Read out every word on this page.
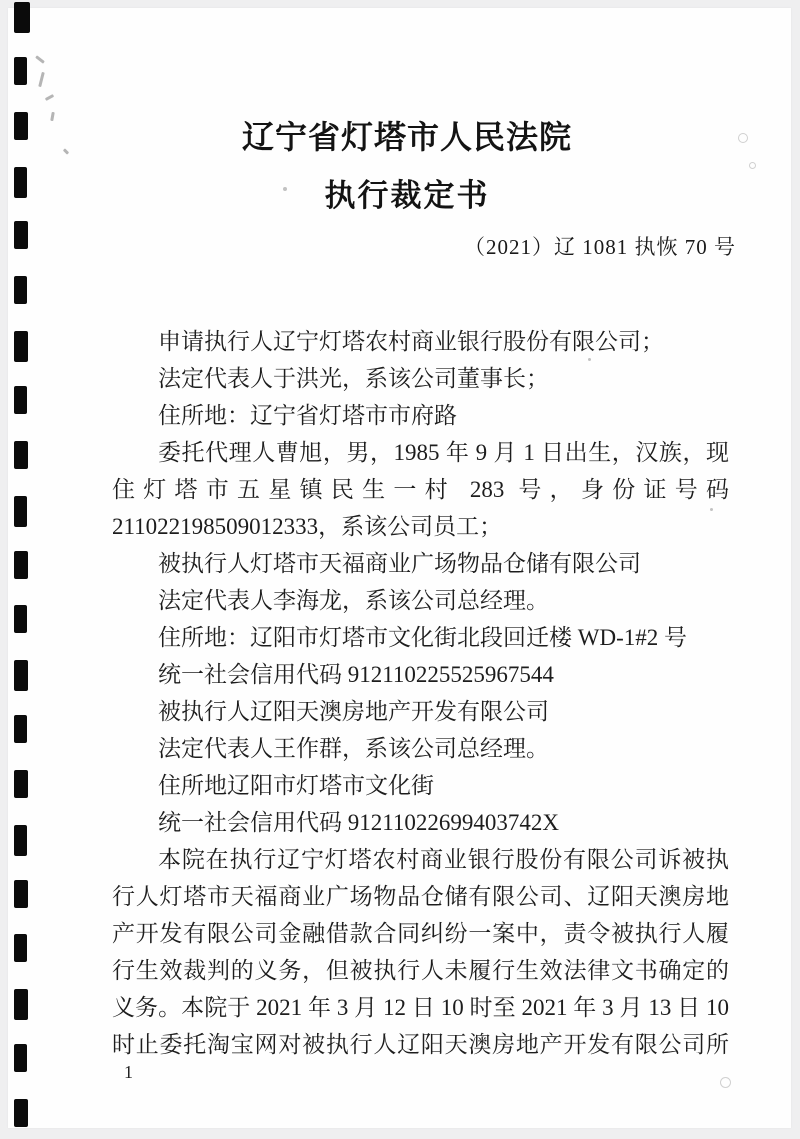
辽宁省灯塔市人民法院
执行裁定书
（2021）辽 1081 执恢 70 号
申请执行人辽宁灯塔农村商业银行股份有限公司；
法定代表人于洪光，系该公司董事长；
住所地：辽宁省灯塔市市府路
委托代理人曹旭，男，1985 年 9 月 1 日出生，汉族，现
住灯塔市五星镇民生一村 283 号，身份证号码
211022198509012333，系该公司员工；
被执行人灯塔市天福商业广场物品仓储有限公司
法定代表人李海龙，系该公司总经理。
住所地：辽阳市灯塔市文化街北段回迁楼 WD-1#2 号
统一社会信用代码 912110225525967544
被执行人辽阳天澳房地产开发有限公司
法定代表人王作群，系该公司总经理。
住所地辽阳市灯塔市文化街
统一社会信用代码 91211022699403742X
本院在执行辽宁灯塔农村商业银行股份有限公司诉被执
行人灯塔市天福商业广场物品仓储有限公司、辽阳天澳房地
产开发有限公司金融借款合同纠纷一案中，责令被执行人履
行生效裁判的义务，但被执行人未履行生效法律文书确定的
义务。本院于 2021 年 3 月 12 日 10 时至 2021 年 3 月 13 日 10
时止委托淘宝网对被执行人辽阳天澳房地产开发有限公司所
1
